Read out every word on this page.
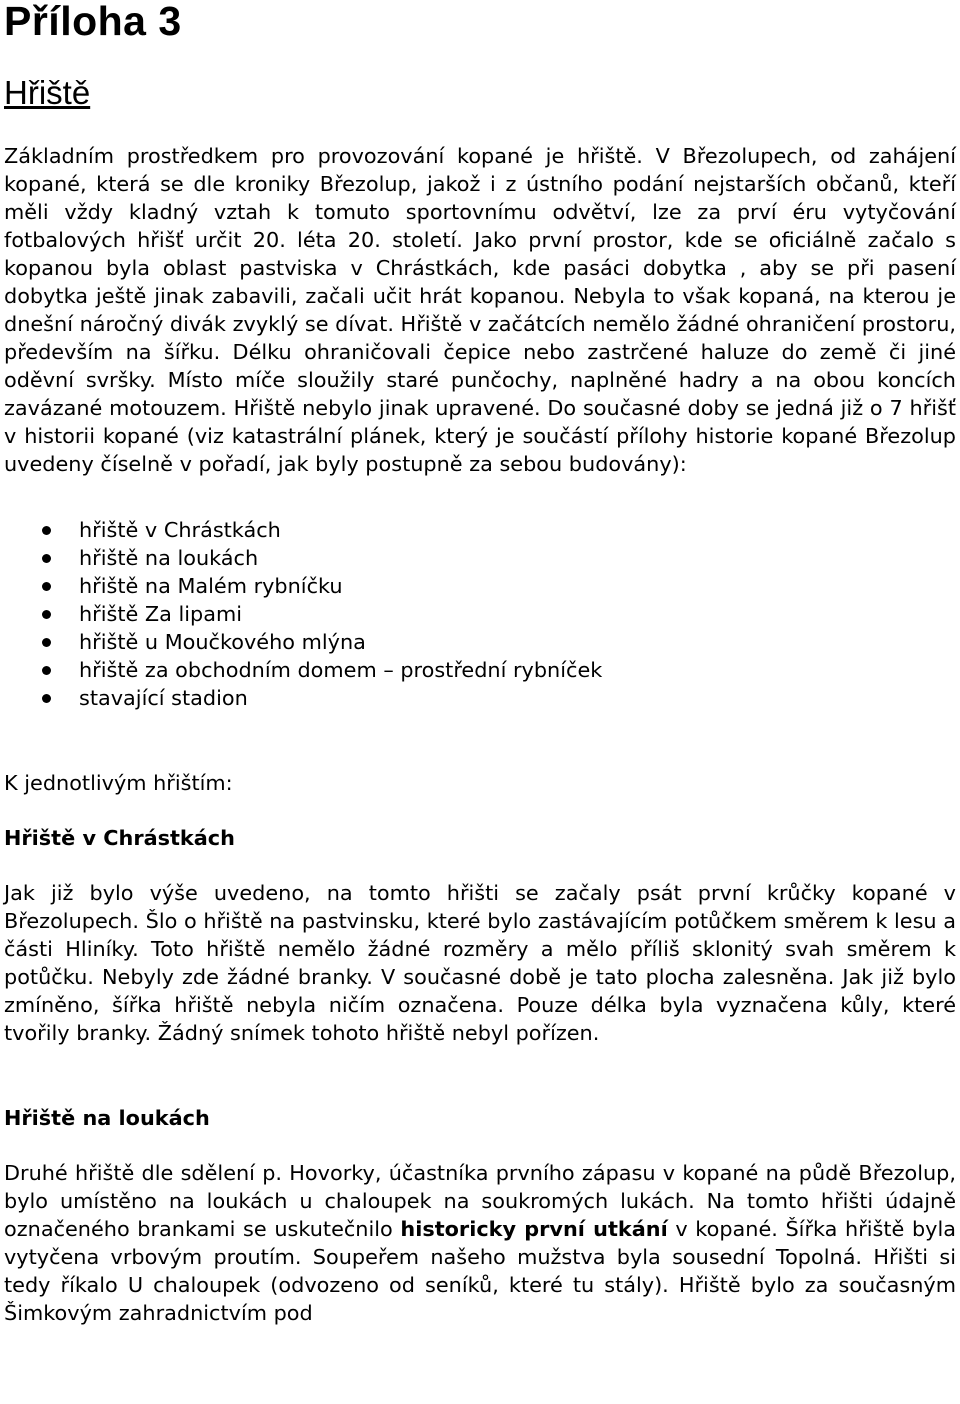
Příloha 3
Hřiště

Základním prostředkem pro provozování kopané je hřiště. V Březolupech, od zahájení kopané, která se dle kroniky Březolup, jakož i z ústního podání nejstarších občanů, kteří měli vždy kladný vztah k tomuto sportovnímu odvětví, lze za prví éru vytyčování fotbalových hřišť určit 20. léta 20. století. Jako první prostor, kde se oficiálně začalo s kopanou byla oblast pastviska v Chrástkách, kde pasáci dobytka , aby se při pasení dobytka ještě jinak zabavili, začali učit hrát kopanou. Nebyla to však kopaná, na kterou je dnešní náročný divák zvyklý se dívat. Hřiště v začátcích nemělo žádné ohraničení prostoru, především na šířku. Délku ohraničovali čepice nebo zastrčené haluze do země či jiné oděvní svršky. Místo míče sloužily staré punčochy, naplněné hadry a na obou koncích zavázané motouzem. Hřiště nebylo jinak upravené. Do současné doby se jedná již o 7 hřišť v historii kopané (viz katastrální plánek, který je součástí přílohy historie kopané Březolup uvedeny číselně v pořadí, jak byly postupně za sebou budovány):

hřiště v Chrástkách
hřiště na loukách
hřiště na Malém rybníčku
hřiště Za lipami
hřiště u Moučkového mlýna
hřiště za obchodním domem – prostřední rybníček
stavající stadion

K jednotlivým hřištím:

Hřiště v Chrástkách

Jak již bylo výše uvedeno, na tomto hřišti se začaly psát první krůčky kopané v Březolupech. Šlo o hřiště na pastvinsku, které bylo zastávajícím potůčkem směrem k lesu a části Hliníky. Toto hřiště nemělo žádné rozměry a mělo příliš sklonitý svah směrem k potůčku. Nebyly zde žádné branky. V současné době je tato plocha zalesněna. Jak již bylo zmíněno, šířka hřiště nebyla ničím označena. Pouze délka byla vyznačena kůly, které tvořily branky. Žádný snímek tohoto hřiště nebyl pořízen.

Hřiště na loukách

Druhé hřiště dle sdělení p. Hovorky, účastníka prvního zápasu v kopané na půdě Březolup, bylo umístěno na loukách u chaloupek na soukromých lukách. Na tomto hřišti údajně označeného brankami se uskutečnilo historicky první utkání v kopané. Šířka hřiště byla vytyčena vrbovým proutím. Soupeřem našeho mužstva byla sousední Topolná. Hřišti si tedy říkalo U chaloupek (odvozeno od seníků, které tu stály). Hřiště bylo za současným Šimkovým zahradnictvím pod
